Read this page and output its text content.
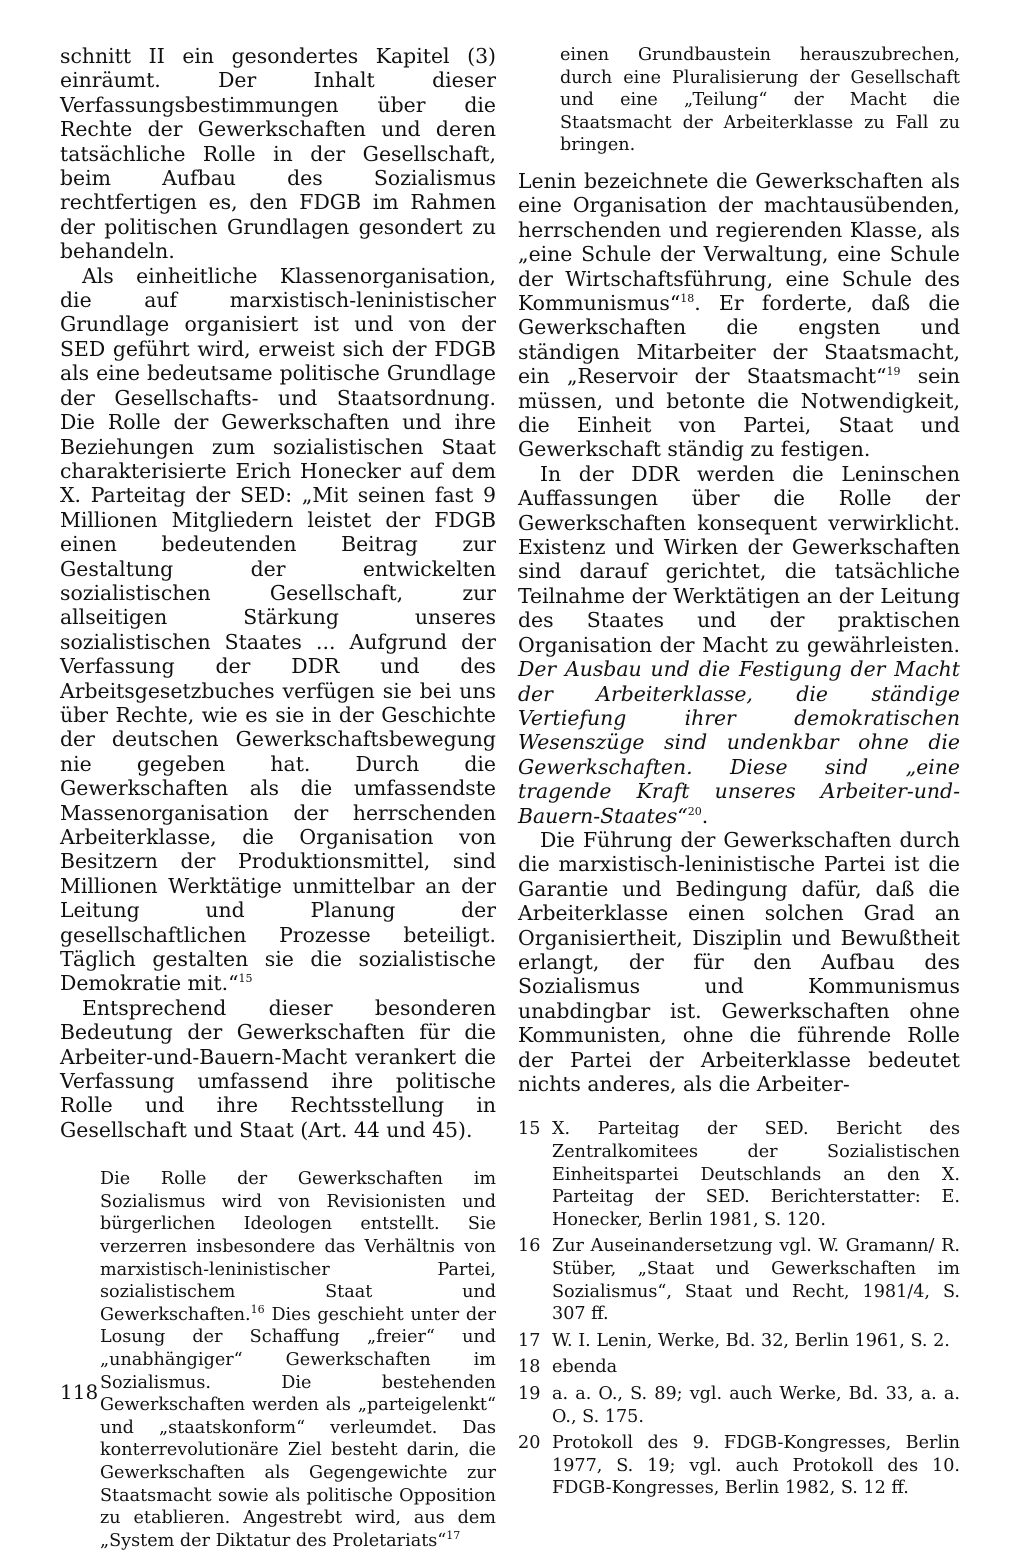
schnitt II ein gesondertes Kapitel (3) einräumt. Der Inhalt dieser Verfassungsbestimmungen über die Rechte der Gewerkschaften und deren tatsächliche Rolle in der Gesellschaft, beim Aufbau des Sozialismus rechtfertigen es, den FDGB im Rahmen der politischen Grundlagen gesondert zu behandeln.

Als einheitliche Klassenorganisation, die auf marxistisch-leninistischer Grundlage organisiert ist und von der SED geführt wird, erweist sich der FDGB als eine bedeutsame politische Grundlage der Gesellschafts- und Staatsordnung. Die Rolle der Gewerkschaften und ihre Beziehungen zum sozialistischen Staat charakterisierte Erich Honecker auf dem X. Parteitag der SED: „Mit seinen fast 9 Millionen Mitgliedern leistet der FDGB einen bedeutenden Beitrag zur Gestaltung der entwickelten sozialistischen Gesellschaft, zur allseitigen Stärkung unseres sozialistischen Staates ... Aufgrund der Verfassung der DDR und des Arbeitsgesetzbuches verfügen sie bei uns über Rechte, wie es sie in der Geschichte der deutschen Gewerkschaftsbewegung nie gegeben hat. Durch die Gewerkschaften als die umfassendste Massenorganisation der herrschenden Arbeiterklasse, die Organisation von Besitzern der Produktionsmittel, sind Millionen Werktätige unmittelbar an der Leitung und Planung der gesellschaftlichen Prozesse beteiligt. Täglich gestalten sie die sozialistische Demokratie mit.“$^{15}$

Entsprechend dieser besonderen Bedeutung der Gewerkschaften für die Arbeiter-und-Bauern-Macht verankert die Verfassung umfassend ihre politische Rolle und ihre Rechtsstellung in Gesellschaft und Staat (Art. 44 und 45).

Die Rolle der Gewerkschaften im Sozialismus wird von Revisionisten und bürgerlichen Ideologen entstellt. Sie verzerren insbesondere das Verhältnis von marxistisch-leninistischer Partei, sozialistischem Staat und Gewerkschaften.$^{16}$ Dies geschieht unter der Losung der Schaffung „freier“ und „unabhängiger“ Gewerkschaften im Sozialismus. Die bestehenden Gewerkschaften werden als „parteigelenkt“ und „staatskonform“ verleumdet. Das konterrevolutionäre Ziel besteht darin, die Gewerkschaften als Gegengewichte zur Staatsmacht sowie als politische Opposition zu etablieren. Angestrebt wird, aus dem „System der Diktatur des Proletariats“$^{17}$
einen Grundbaustein herauszubrechen, durch eine Pluralisierung der Gesellschaft und eine „Teilung“ der Macht die Staatsmacht der Arbeiterklasse zu Fall zu bringen.

Lenin bezeichnete die Gewerkschaften als eine Organisation der machtausübenden, herrschenden und regierenden Klasse, als „eine Schule der Verwaltung, eine Schule der Wirtschaftsführung, eine Schule des Kommunismus“$^{18}$. Er forderte, daß die Gewerkschaften die engsten und ständigen Mitarbeiter der Staatsmacht, ein „Reservoir der Staatsmacht“$^{19}$ sein müssen, und betonte die Notwendigkeit, die Einheit von Partei, Staat und Gewerkschaft ständig zu festigen.

In der DDR werden die Leninschen Auffassungen über die Rolle der Gewerkschaften konsequent verwirklicht. Existenz und Wirken der Gewerkschaften sind darauf gerichtet, die tatsächliche Teilnahme der Werktätigen an der Leitung des Staates und der praktischen Organisation der Macht zu gewährleisten. Der Ausbau und die Festigung der Macht der Arbeiterklasse, die ständige Vertiefung ihrer demokratischen Wesenszüge sind undenkbar ohne die Gewerkschaften. Diese sind „eine tragende Kraft unseres Arbeiter-und-Bauern-Staates“$^{20}$.

Die Führung der Gewerkschaften durch die marxistisch-leninistische Partei ist die Garantie und Bedingung dafür, daß die Arbeiterklasse einen solchen Grad an Organisiertheit, Disziplin und Bewußtheit erlangt, der für den Aufbau des Sozialismus und Kommunismus unabdingbar ist. Gewerkschaften ohne Kommunisten, ohne die führende Rolle der Partei der Arbeiterklasse bedeutet nichts anderes, als die Arbeiter-

15 X. Parteitag der SED. Bericht des Zentralkomitees der Sozialistischen Einheitspartei Deutschlands an den X. Parteitag der SED. Berichterstatter: E. Honecker, Berlin 1981, S. 120.
16 Zur Auseinandersetzung vgl. W. Gramann/ R. Stüber, „Staat und Gewerkschaften im Sozialismus“, Staat und Recht, 1981/4, S. 307 ff.
17 W. I. Lenin, Werke, Bd. 32, Berlin 1961, S. 2.
18 ebenda
19 a. a. O., S. 89; vgl. auch Werke, Bd. 33, a. a. O., S. 175.
20 Protokoll des 9. FDGB-Kongresses, Berlin 1977, S. 19; vgl. auch Protokoll des 10. FDGB-Kongresses, Berlin 1982, S. 12 ff.
118
